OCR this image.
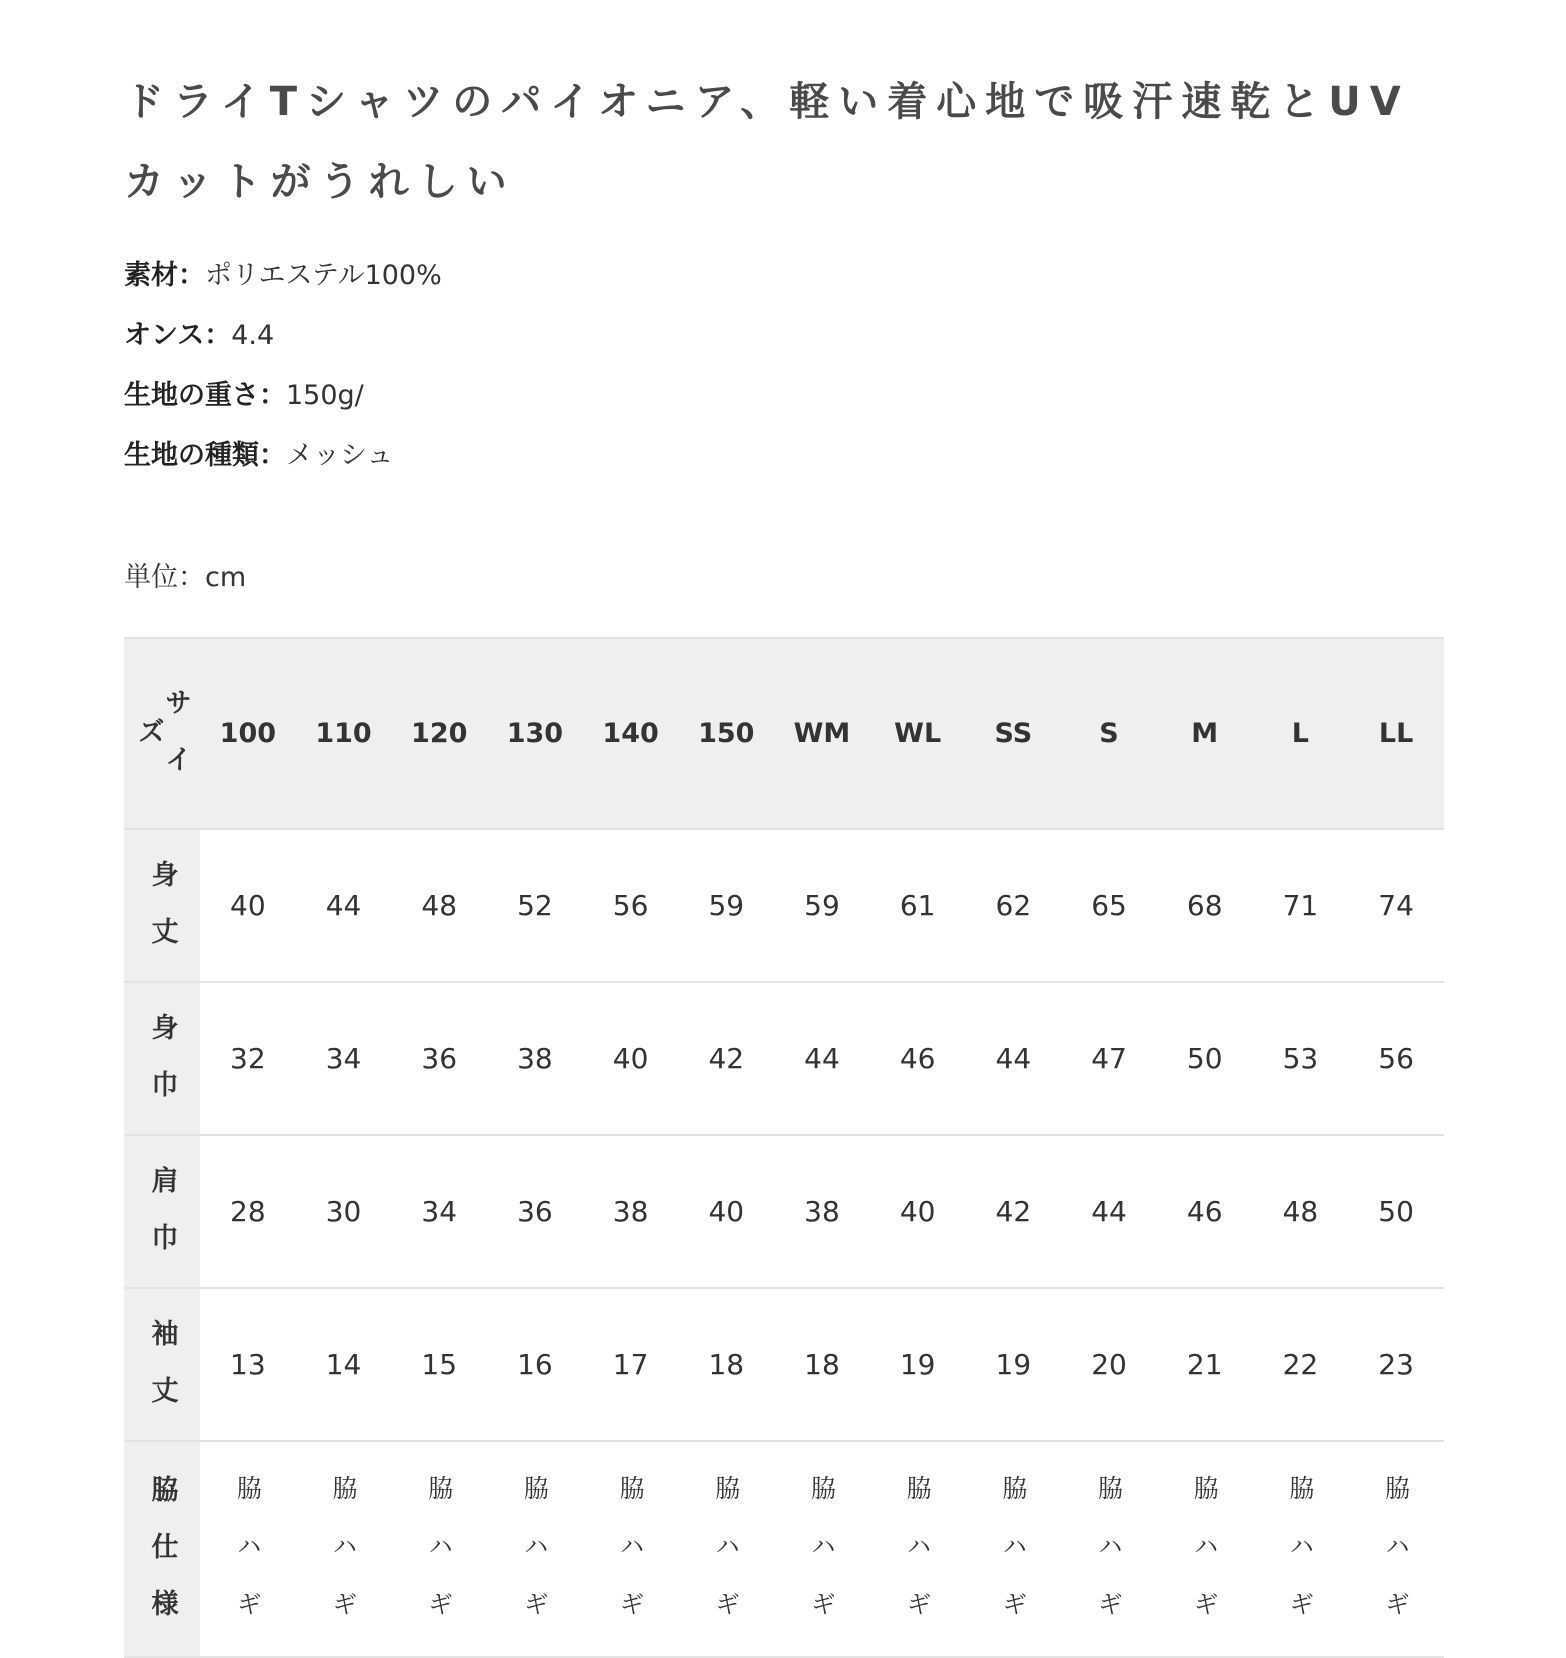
ドライTシャツのパイオニア、軽い着心地で吸汗速乾とUVカットがうれしい
素材：ポリエステル100%
オンス：4.4
生地の重さ：150g/
生地の種類：メッシュ
単位：cm
サイズ	100	110	120	130	140	150	WM	WL	SS	S	M	L	LL
身丈	40	44	48	52	56	59	59	61	62	65	68	71	74
身巾	32	34	36	38	40	42	44	46	44	47	50	53	56
肩巾	28	30	34	36	38	40	38	40	42	44	46	48	50
袖丈	13	14	15	16	17	18	18	19	19	20	21	22	23
脇仕様	脇ハギ	脇ハギ	脇ハギ	脇ハギ	脇ハギ	脇ハギ	脇ハギ	脇ハギ	脇ハギ	脇ハギ	脇ハギ	脇ハギ	脇ハギ
